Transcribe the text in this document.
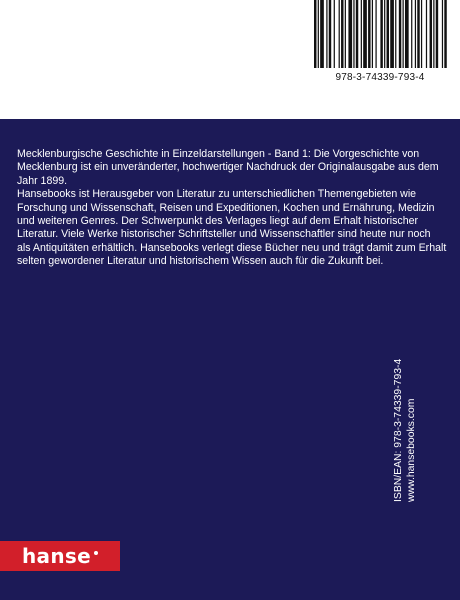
978-3-74339-793-4

Mecklenburgische Geschichte in Einzeldarstellungen - Band 1: Die Vorgeschichte von Mecklenburg ist ein unveränderter, hochwertiger Nachdruck der Originalausgabe aus dem Jahr 1899.

Hansebooks ist Herausgeber von Literatur zu unterschiedlichen Themengebieten wie Forschung und Wissenschaft, Reisen und Expeditionen, Kochen und Ernährung, Medizin und weiteren Genres. Der Schwerpunkt des Verlages liegt auf dem Erhalt historischer Literatur. Viele Werke historischer Schriftsteller und Wissenschaftler sind heute nur noch als Antiquitäten erhältlich. Hansebooks verlegt diese Bücher neu und trägt damit zum Erhalt selten gewordener Literatur und historischem Wissen auch für die Zukunft bei.

ISBN/EAN: 978-3-74339-793-4 www.hansebooks.com
hanse
